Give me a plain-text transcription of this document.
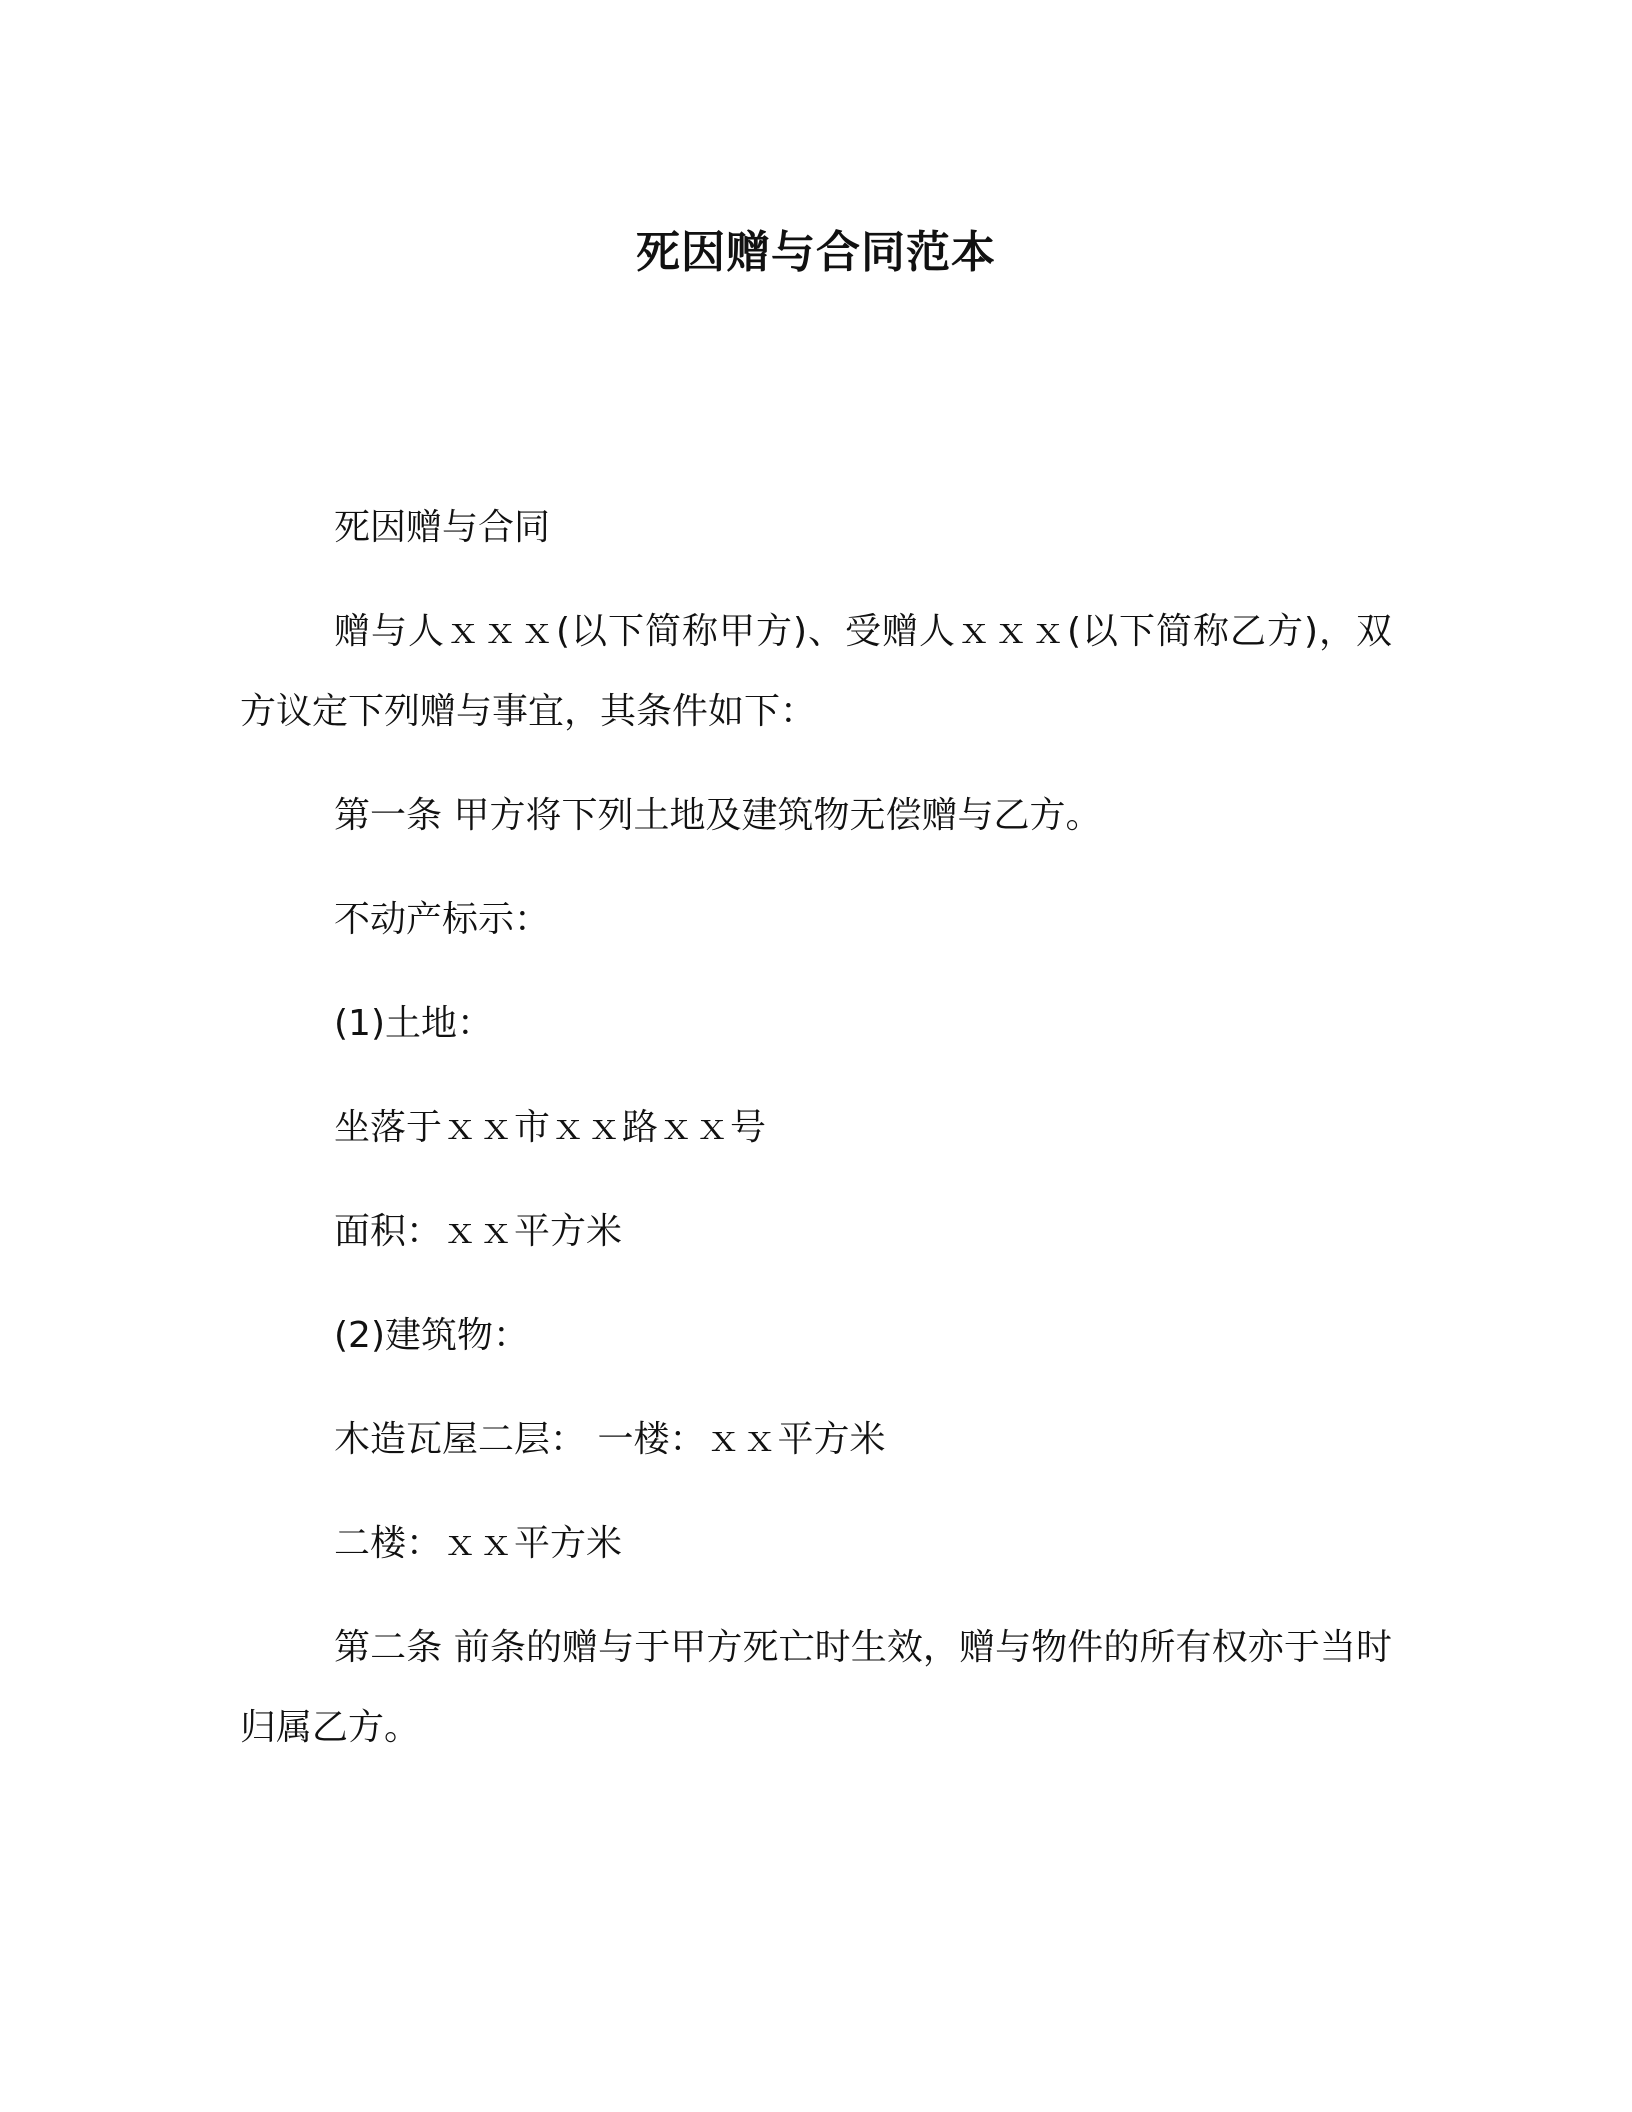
死因赠与合同范本

死因赠与合同

赠与人ｘｘｘ(以下简称甲方)、受赠人ｘｘｘ(以下简称乙方)，双方议定下列赠与事宜，其条件如下：

第一条 甲方将下列土地及建筑物无偿赠与乙方。

不动产标示：

(1)土地：

坐落于ｘｘ市ｘｘ路ｘｘ号

面积：ｘｘ平方米

(2)建筑物：

木造瓦屋二层： 一楼：ｘｘ平方米

二楼：ｘｘ平方米

第二条 前条的赠与于甲方死亡时生效，赠与物件的所有权亦于当时归属乙方。
